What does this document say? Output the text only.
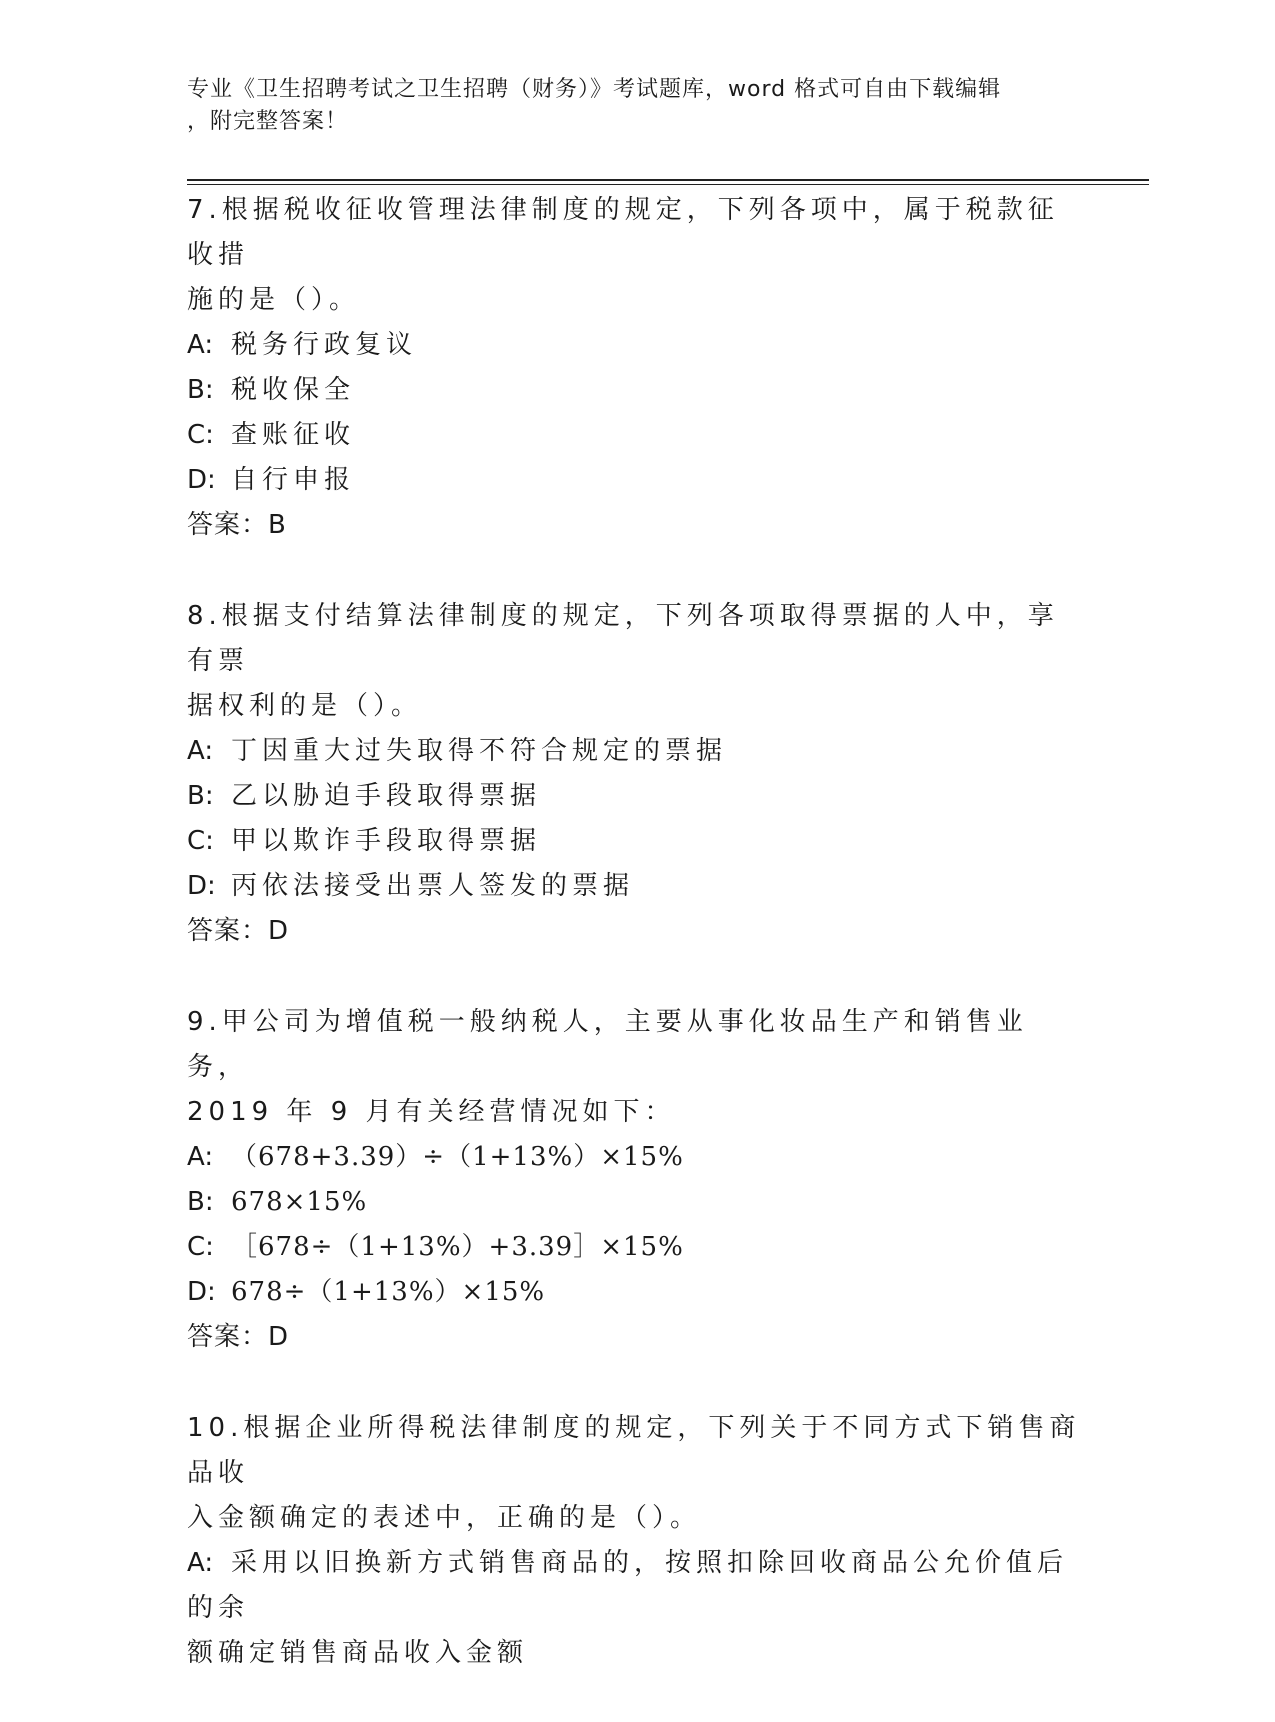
专业《卫生招聘考试之卫生招聘（财务）》考试题库，word 格式可自由下载编辑

，附完整答案！

7.根据税收征收管理法律制度的规定，下列各项中，属于税款征收措

施的是（）。

A: 税务行政复议

B: 税收保全

C: 查账征收

D: 自行申报

答案：B

8.根据支付结算法律制度的规定，下列各项取得票据的人中，享有票

据权利的是（）。

A: 丁因重大过失取得不符合规定的票据

B: 乙以胁迫手段取得票据

C: 甲以欺诈手段取得票据

D: 丙依法接受出票人签发的票据

答案：D

9.甲公司为增值税一般纳税人，主要从事化妆品生产和销售业务，

2019 年 9 月有关经营情况如下：

A: （678+3.39）÷（1+13%）×15%

B: 678×15%

C: ［678÷（1+13%）+3.39］×15%

D: 678÷（1+13%）×15%

答案：D

10.根据企业所得税法律制度的规定，下列关于不同方式下销售商品收

入金额确定的表述中，正确的是（）。

A: 采用以旧换新方式销售商品的，按照扣除回收商品公允价值后的余

额确定销售商品收入金额
